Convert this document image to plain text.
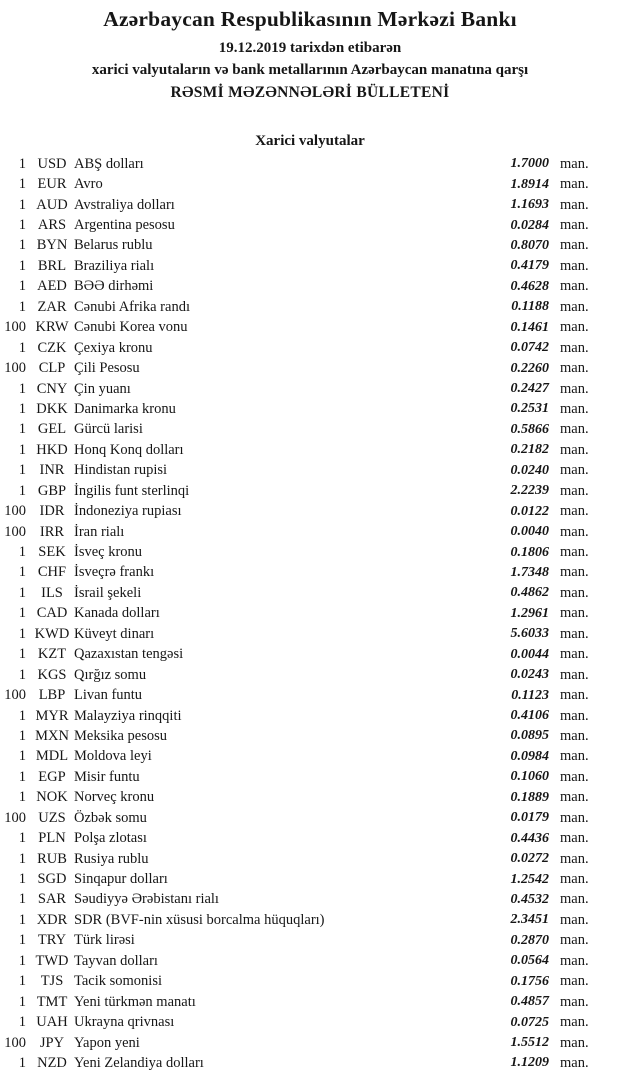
Azərbaycan Respublikasının Mərkəzi Bankı
19.12.2019 tarixdən etibarən
xarici valyutaların və bank metallarının Azərbaycan manatına qarşı
RƏSMİ MƏZƏNNƏLƏRİ BÜLLETENİ
Xarici valyutalar
1 USD ABŞ dolları	1.7000 man.
1 EUR Avro	1.8914 man.
1 AUD Avstraliya dolları	1.1693 man.
1 ARS Argentina pesosu	0.0284 man.
1 BYN Belarus rublu	0.8070 man.
1 BRL Braziliya rialı	0.4179 man.
1 AED BƏƏ dirhəmi	0.4628 man.
1 ZAR Cənubi Afrika randı	0.1188 man.
100 KRW Cənubi Korea vonu	0.1461 man.
1 CZK Çexiya kronu	0.0742 man.
100 CLP Çili Pesosu	0.2260 man.
1 CNY Çin yuanı	0.2427 man.
1 DKK Danimarka kronu	0.2531 man.
1 GEL Gürcü larisi	0.5866 man.
1 HKD Honq Konq dolları	0.2182 man.
1 INR Hindistan rupisi	0.0240 man.
1 GBP İngilis funt sterlinqi	2.2239 man.
100 IDR İndoneziya rupiası	0.0122 man.
100 IRR İran rialı	0.0040 man.
1 SEK İsveç kronu	0.1806 man.
1 CHF İsveçrə frankı	1.7348 man.
1	ILS İsrail şekeli	0.4862 man.
1 CAD Kanada dolları	1.2961 man.
1 KWD Küveyt dinarı	5.6033 man.
1 KZT Qazaxıstan tengəsi	0.0044 man.
1 KGS Qırğız somu	0.0243 man.
100 LBP Livan funtu	0.1123 man.
1 MYR Malayziya rinqqiti	0.4106 man.
1 MXN Meksika pesosu	0.0895 man.
1 MDL Moldova leyi	0.0984 man.
1 EGP Misir funtu	0.1060 man.
1 NOK Norveç kronu	0.1889 man.
100 UZS Özbək somu	0.0179 man.
1 PLN Polşa zlotası	0.4436 man.
1 RUB Rusiya rublu	0.0272 man.
1 SGD Sinqapur dolları	1.2542 man.
1 SAR Səudiyyə Ərəbistanı rialı	0.4532 man.
1 XDR SDR (BVF-nin xüsusi borcalma hüquqları)	2.3451 man.
1 TRY Türk lirəsi	0.2870 man.
1 TWD Tayvan dolları	0.0564 man.
1	TJS Tacik somonisi	0.1756 man.
1 TMT Yeni türkmən manatı	0.4857 man.
1 UAH Ukrayna qrivnası	0.0725 man.
100 JPY Yapon yeni	1.5512 man.
1 NZD Yeni Zelandiya dolları	1.1209 man.
